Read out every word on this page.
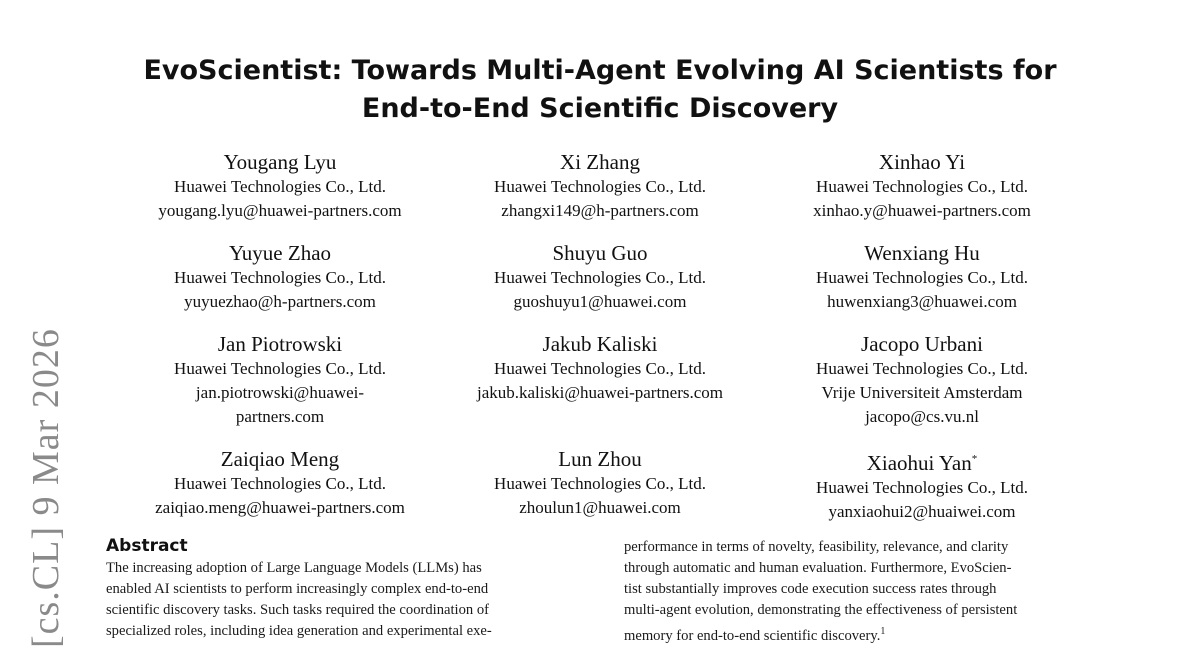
[cs.CL] 9 Mar 2026
EvoScientist: Towards Multi-Agent Evolving AI Scientists for
End-to-End Scientific Discovery
Yougang Lyu
Huawei Technologies Co., Ltd.
yougang.lyu@huawei-partners.com
Xi Zhang
Huawei Technologies Co., Ltd.
zhangxi149@h-partners.com
Xinhao Yi
Huawei Technologies Co., Ltd.
xinhao.y@huawei-partners.com
Yuyue Zhao
Huawei Technologies Co., Ltd.
yuyuezhao@h-partners.com
Shuyu Guo
Huawei Technologies Co., Ltd.
guoshuyu1@huawei.com
Wenxiang Hu
Huawei Technologies Co., Ltd.
huwenxiang3@huawei.com
Jan Piotrowski
Huawei Technologies Co., Ltd.
jan.piotrowski@huawei-
partners.com
Jakub Kaliski
Huawei Technologies Co., Ltd.
jakub.kaliski@huawei-partners.com
Jacopo Urbani
Huawei Technologies Co., Ltd.
Vrije Universiteit Amsterdam
jacopo@cs.vu.nl
Zaiqiao Meng
Huawei Technologies Co., Ltd.
zaiqiao.meng@huawei-partners.com
Lun Zhou
Huawei Technologies Co., Ltd.
zhoulun1@huawei.com
Xiaohui Yan*
Huawei Technologies Co., Ltd.
yanxiaohui2@huaiwei.com
Abstract
The increasing adoption of Large Language Models (LLMs) has
enabled AI scientists to perform increasingly complex end-to-end
scientific discovery tasks. Such tasks required the coordination of
specialized roles, including idea generation and experimental exe-
performance in terms of novelty, feasibility, relevance, and clarity
through automatic and human evaluation. Furthermore, EvoScien-
tist substantially improves code execution success rates through
multi-agent evolution, demonstrating the effectiveness of persistent
memory for end-to-end scientific discovery.$^1$
